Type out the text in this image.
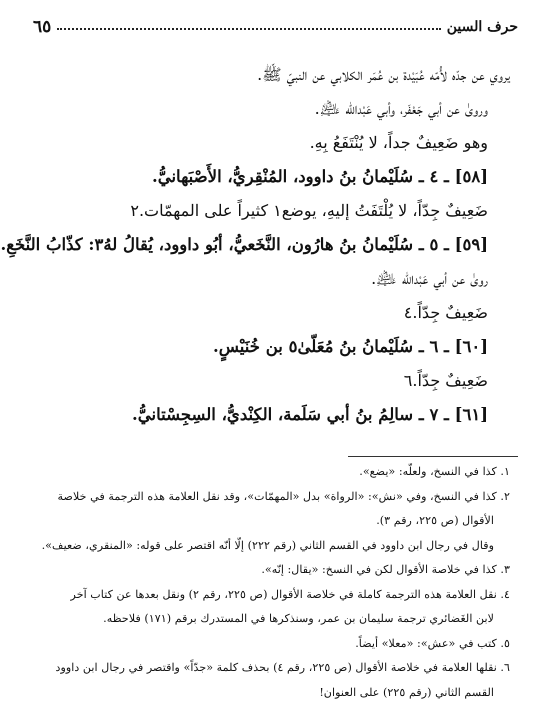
حرف السين
٦٥
يروي عن جدّه لأُمّه عُبَيْدة بن عُمَر الكلابي عن النبيّ ﷺ.
وروىٰ عن أبي جَعْفَر، وأبي عَبْدالله ﵇.
وهو ضَعِيفٌ جداً، لا يُنْتَفَعُ بِهِ.
[٥٨] ـ ٤ ـ سُلَيْمانُ بنُ داوود، المُنْقِريُّ، الأَصْبَهانيُّ.
ضَعِيفٌ جِدّاً، لا يُلْتَفَتُ إليهِ، يوضع١ كثيراً على المهمّات.٢
[٥٩] ـ ٥ ـ سُلَيْمانُ بنُ هارُون، النَّخَعيُّ، أبُو داوود، يُقالُ لهُ٣: كذّابُ النَّخَعِ.
روىٰ عن أبي عَبْدالله ﵇.
ضَعِيفٌ جِدّاً.٤
[٦٠] ـ ٦ ـ سُلَيْمانُ بنُ مُعَلّىٰ٥ بن خُنَيْسٍ.
ضَعِيفٌ جِدّاً.٦
[٦١] ـ ٧ ـ سالِمُ بنُ أبي سَلَمة، الكِنْديُّ، السِجِسْتانيُّ.
١. كذا في النسخ، ولعلّه: «يضع».
٢. كذا في النسخ، وفي «نش»: «الرواة» بدل «المهمّات»، وقد نقل العلامة هذه الترجمة في خلاصة
الأقوال (ص ٢٢٥، رقم ٣).
وقال في رجال ابن داوود في القسم الثاني (رقم ٢٢٢) إلّا أنّه اقتصر على قوله: «المنقري، ضعيف».
٣. كذا في خلاصة الأقوال لكن في النسخ: «يقال: إنّه».
٤. نقل العلامة هذه الترجمة كاملة في خلاصة الأقوال (ص ٢٢٥، رقم ٢) ونقل بعدها عن كتاب آخر
لابن الغَضائري ترجمة سليمان بن عمر، وسنذكرها في المستدرك برقم (١٧١) فلاحظه.
٥. كتب في «عش»: «معلا» أيضاً.
٦. نقلها العلامة في خلاصة الأقوال (ص ٢٢٥، رقم ٤) بحذف كلمة «جدّاً» واقتصر في رجال ابن داوود
القسم الثاني (رقم ٢٢٥) على العنوان!
